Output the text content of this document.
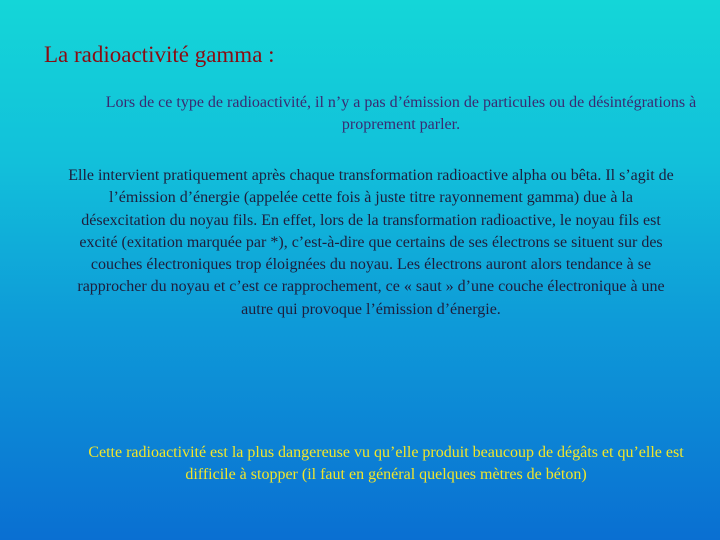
La radioactivité gamma :
Lors de ce type de radioactivité, il n’y a pas d’émission de particules ou de désintégrations à proprement parler.
Elle intervient pratiquement après chaque transformation radioactive alpha ou bêta. Il s’agit de l’émission d’énergie (appelée cette fois à juste titre rayonnement gamma) due à la désexcitation du noyau fils. En effet, lors de la transformation radioactive, le noyau fils est excité (exitation marquée par *), c’est-à-dire que certains de ses électrons se situent sur des couches électroniques trop éloignées du noyau. Les électrons auront alors tendance à se rapprocher du noyau et c’est ce rapprochement, ce « saut » d’une couche électronique à une autre qui provoque l’émission d’énergie.
Cette radioactivité est la plus dangereuse vu qu’elle produit beaucoup de dégâts et qu’elle est difficile à stopper (il faut en général quelques mètres de béton)
